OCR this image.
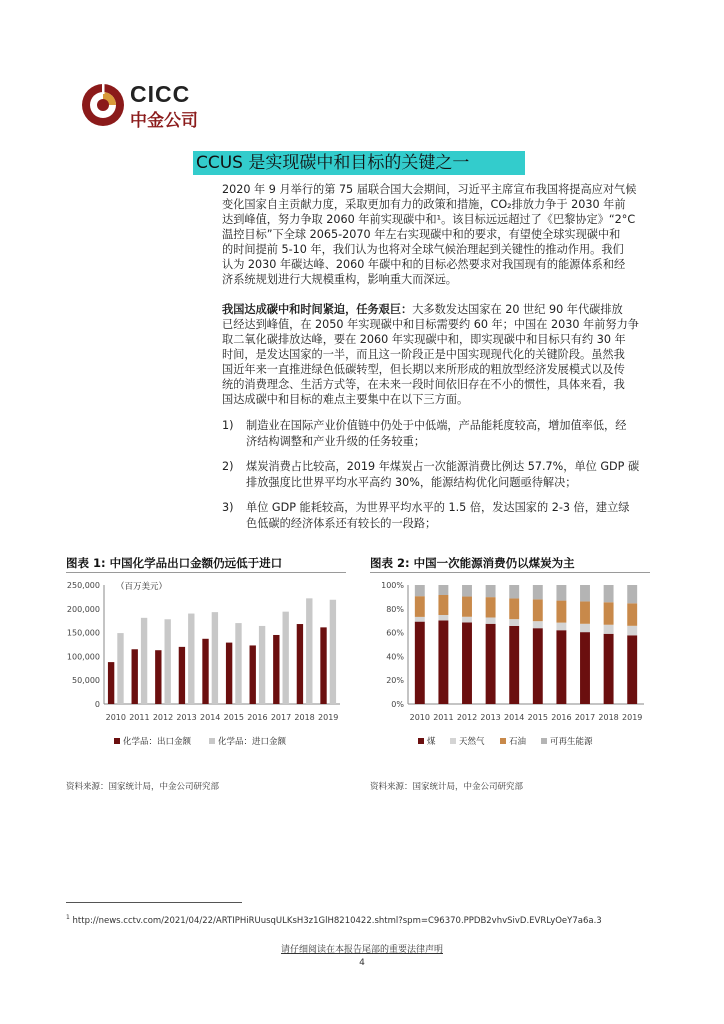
CICC
中金公司
CCUS 是实现碳中和目标的关键之一
2020 年 9 月举行的第 75 届联合国大会期间，习近平主席宣布我国将提高应对气候
变化国家自主贡献力度，采取更加有力的政策和措施，CO₂排放力争于 2030 年前
达到峰值，努力争取 2060 年前实现碳中和¹。该目标远远超过了《巴黎协定》“2°C
温控目标”下全球 2065-2070 年左右实现碳中和的要求，有望使全球实现碳中和
的时间提前 5-10 年，我们认为也将对全球气候治理起到关键性的推动作用。我们
认为 2030 年碳达峰、2060 年碳中和的目标必然要求对我国现有的能源体系和经
济系统规划进行大规模重构，影响重大而深远。
我国达成碳中和时间紧迫，任务艰巨：大多数发达国家在 20 世纪 90 年代碳排放
已经达到峰值，在 2050 年实现碳中和目标需要约 60 年；中国在 2030 年前努力争
取二氧化碳排放达峰，要在 2060 年实现碳中和，即实现碳中和目标只有约 30 年
时间，是发达国家的一半，而且这一阶段正是中国实现现代化的关键阶段。虽然我
国近年来一直推进绿色低碳转型，但长期以来所形成的粗放型经济发展模式以及传
统的消费理念、生活方式等，在未来一段时间依旧存在不小的惯性，具体来看，我
国达成碳中和目标的难点主要集中在以下三方面。
1) 制造业在国际产业价值链中仍处于中低端，产品能耗度较高，增加值率低，经
济结构调整和产业升级的任务较重；
2) 煤炭消费占比较高，2019 年煤炭占一次能源消费比例达 57.7%，单位 GDP 碳
排放强度比世界平均水平高约 30%，能源结构优化问题亟待解决；
3) 单位 GDP 能耗较高，为世界平均水平的 1.5 倍，发达国家的 2-3 倍，建立绿
色低碳的经济体系还有较长的一段路；
图表 1: 中国化学品出口金额仍远低于进口
0
50,000
100,000
150,000
200,000
250,000
2010 2011 2012 2013 2014 2015 2016 2017 2018 2019
（百万美元）
化学品：出口金额	化学品：进口金额
资料来源：国家统计局，中金公司研究部
图表 2: 中国一次能源消费仍以煤炭为主
0%
20%
40%
60%
80%
100%
2010 2011 2012 2013 2014 2015 2016 2017 2018 2019
煤	天然气	石油	可再生能源
资料来源：国家统计局，中金公司研究部
$^1$ http://news.cctv.com/2021/04/22/ARTIPHiRUusqULKsH3z1GlH8210422.shtml?spm=C96370.PPDB2vhvSivD.EVRLyOeY7a6a.3
请仔细阅读在本报告尾部的重要法律声明
4
